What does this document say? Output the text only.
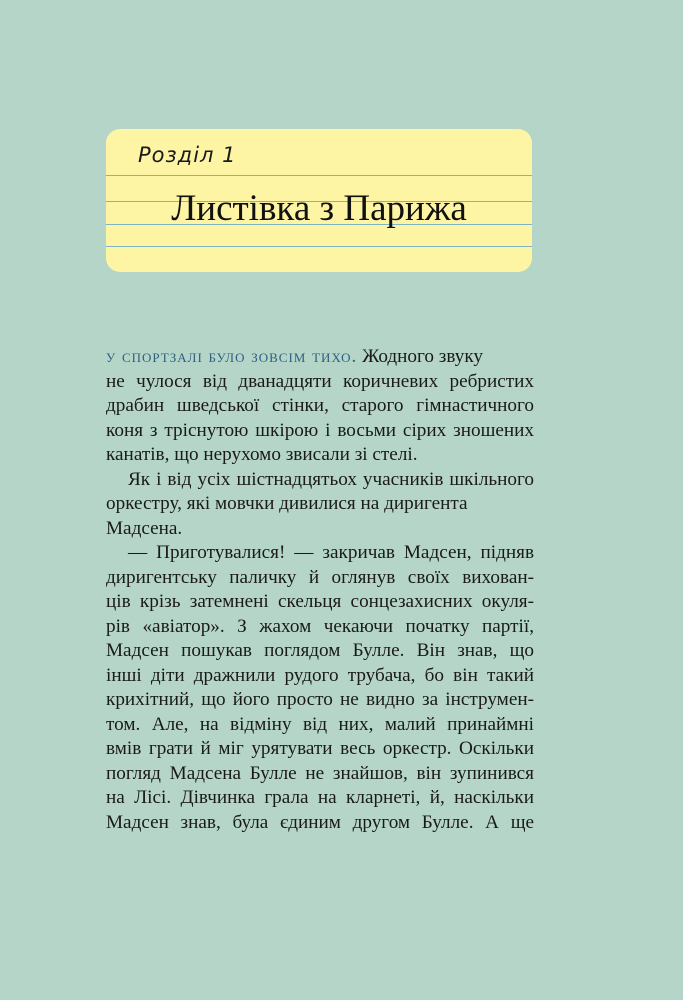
Розділ 1
Листівка з Парижа
у спортзалі було зовсім тихо. Жодного звуку
не чулося від дванадцяти коричневих ребристих
драбин шведської стінки, старого гімнастичного
коня з тріснутою шкірою і восьми сірих зношених
канатів, що нерухомо звисали зі стелі.
Як і від усіх шістнадцятьох учасників шкільного
оркестру, які мовчки дивилися на диригента
Мадсена.
— Приготувалися! — закричав Мадсен, підняв
диригентську паличку й оглянув своїх вихован-
ців крізь затемнені скельця сонцезахисних окуля-
рів «авіатор». З жахом чекаючи початку партії,
Мадсен пошукав поглядом Булле. Він знав, що
інші діти дражнили рудого трубача, бо він такий
крихітний, що його просто не видно за інструмен-
том. Але, на відміну від них, малий принаймні
вмів грати й міг урятувати весь оркестр. Оскільки
погляд Мадсена Булле не знайшов, він зупинився
на Лісі. Дівчинка грала на кларнеті, й, наскільки
Мадсен знав, була єдиним другом Булле. А ще
